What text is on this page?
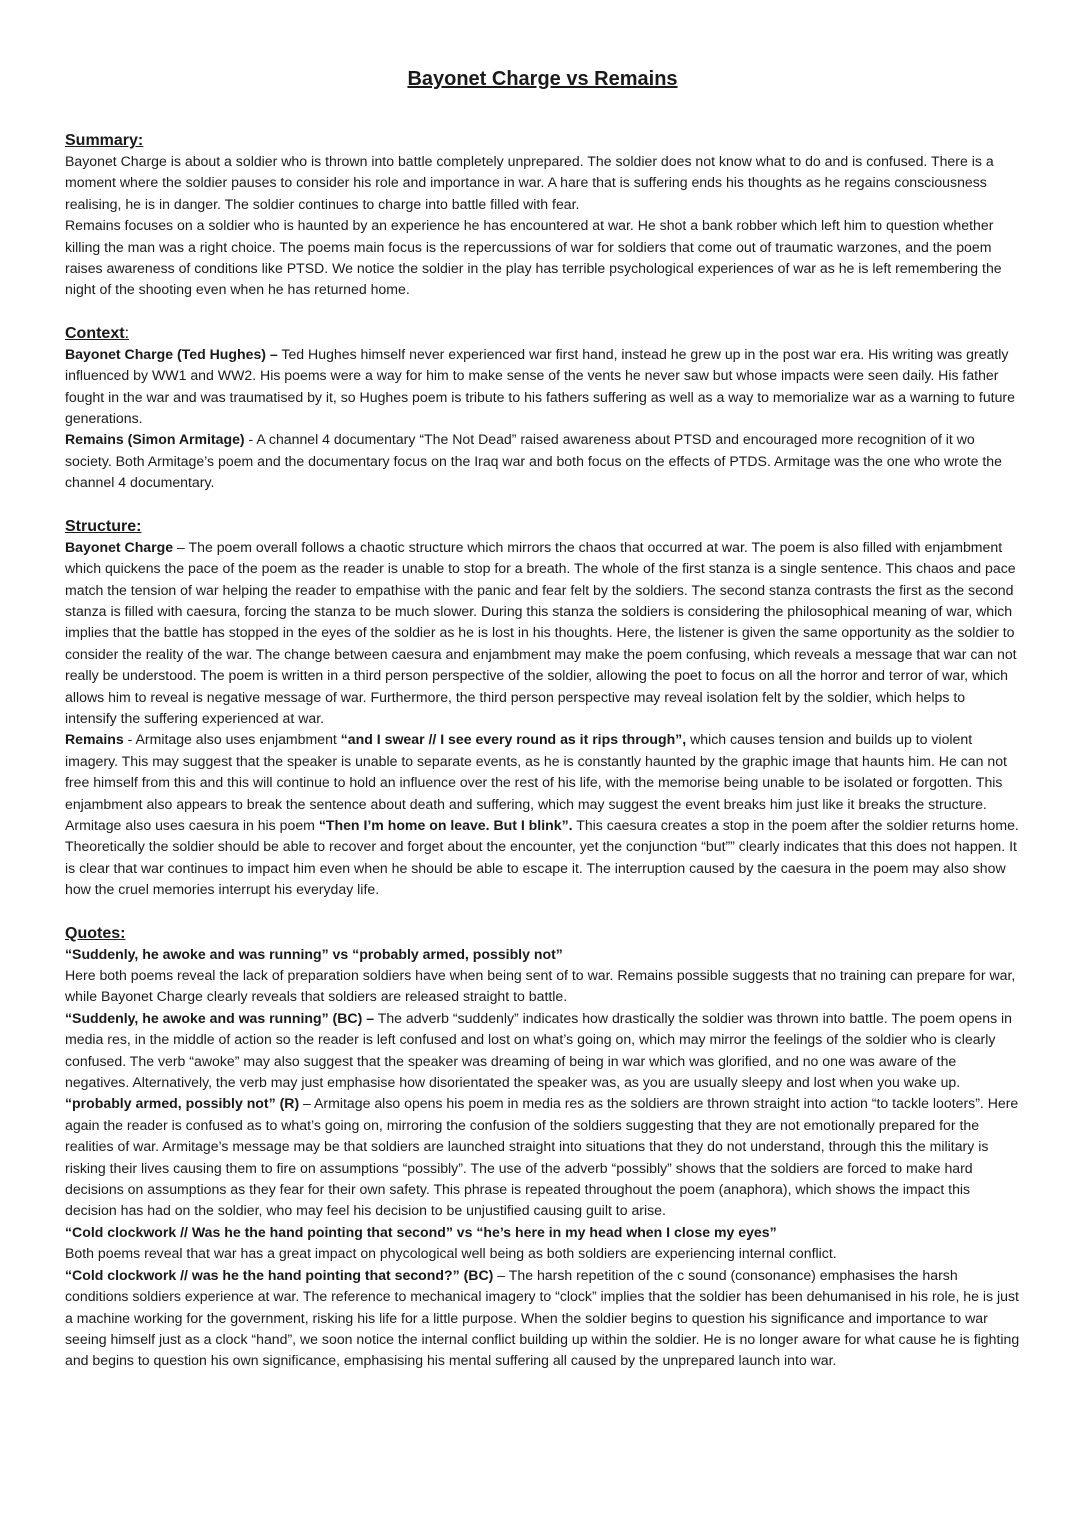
Bayonet Charge vs Remains
Summary:

Bayonet Charge is about a soldier who is thrown into battle completely unprepared. The soldier does not know what to do and is confused. There is a moment where the soldier pauses to consider his role and importance in war. A hare that is suffering ends his thoughts as he regains consciousness realising, he is in danger. The soldier continues to charge into battle filled with fear.

Remains focuses on a soldier who is haunted by an experience he has encountered at war. He shot a bank robber which left him to question whether killing the man was a right choice. The poems main focus is the repercussions of war for soldiers that come out of traumatic warzones, and the poem raises awareness of conditions like PTSD. We notice the soldier in the play has terrible psychological experiences of war as he is left remembering the night of the shooting even when he has returned home.

Context:

Bayonet Charge (Ted Hughes) – Ted Hughes himself never experienced war first hand, instead he grew up in the post war era. His writing was greatly influenced by WW1 and WW2. His poems were a way for him to make sense of the vents he never saw but whose impacts were seen daily. His father fought in the war and was traumatised by it, so Hughes poem is tribute to his fathers suffering as well as a way to memorialize war as a warning to future generations.

Remains (Simon Armitage) - A channel 4 documentary “The Not Dead” raised awareness about PTSD and encouraged more recognition of it wo society. Both Armitage’s poem and the documentary focus on the Iraq war and both focus on the effects of PTDS. Armitage was the one who wrote the channel 4 documentary.

Structure:

Bayonet Charge – The poem overall follows a chaotic structure which mirrors the chaos that occurred at war. The poem is also filled with enjambment which quickens the pace of the poem as the reader is unable to stop for a breath. The whole of the first stanza is a single sentence. This chaos and pace match the tension of war helping the reader to empathise with the panic and fear felt by the soldiers. The second stanza contrasts the first as the second stanza is filled with caesura, forcing the stanza to be much slower. During this stanza the soldiers is considering the philosophical meaning of war, which implies that the battle has stopped in the eyes of the soldier as he is lost in his thoughts. Here, the listener is given the same opportunity as the soldier to consider the reality of the war. The change between caesura and enjambment may make the poem confusing, which reveals a message that war can not really be understood. The poem is written in a third person perspective of the soldier, allowing the poet to focus on all the horror and terror of war, which allows him to reveal is negative message of war. Furthermore, the third person perspective may reveal isolation felt by the soldier, which helps to intensify the suffering experienced at war.

Remains - Armitage also uses enjambment “and I swear // I see every round as it rips through”, which causes tension and builds up to violent imagery. This may suggest that the speaker is unable to separate events, as he is constantly haunted by the graphic image that haunts him. He can not free himself from this and this will continue to hold an influence over the rest of his life, with the memorise being unable to be isolated or forgotten. This enjambment also appears to break the sentence about death and suffering, which may suggest the event breaks him just like it breaks the structure. Armitage also uses caesura in his poem “Then I’m home on leave. But I blink”. This caesura creates a stop in the poem after the soldier returns home. Theoretically the soldier should be able to recover and forget about the encounter, yet the conjunction “but”” clearly indicates that this does not happen. It is clear that war continues to impact him even when he should be able to escape it. The interruption caused by the caesura in the poem may also show how the cruel memories interrupt his everyday life.

Quotes:

“Suddenly, he awoke and was running” vs “probably armed, possibly not”

Here both poems reveal the lack of preparation soldiers have when being sent of to war. Remains possible suggests that no training can prepare for war, while Bayonet Charge clearly reveals that soldiers are released straight to battle.

“Suddenly, he awoke and was running” (BC) – The adverb “suddenly” indicates how drastically the soldier was thrown into battle. The poem opens in media res, in the middle of action so the reader is left confused and lost on what’s going on, which may mirror the feelings of the soldier who is clearly confused. The verb “awoke” may also suggest that the speaker was dreaming of being in war which was glorified, and no one was aware of the negatives. Alternatively, the verb may just emphasise how disorientated the speaker was, as you are usually sleepy and lost when you wake up.

“probably armed, possibly not” (R) – Armitage also opens his poem in media res as the soldiers are thrown straight into action “to tackle looters”. Here again the reader is confused as to what’s going on, mirroring the confusion of the soldiers suggesting that they are not emotionally prepared for the realities of war. Armitage’s message may be that soldiers are launched straight into situations that they do not understand, through this the military is risking their lives causing them to fire on assumptions “possibly”. The use of the adverb “possibly” shows that the soldiers are forced to make hard decisions on assumptions as they fear for their own safety. This phrase is repeated throughout the poem (anaphora), which shows the impact this decision has had on the soldier, who may feel his decision to be unjustified causing guilt to arise.

“Cold clockwork // Was he the hand pointing that second” vs “he’s here in my head when I close my eyes”

Both poems reveal that war has a great impact on phycological well being as both soldiers are experiencing internal conflict.

“Cold clockwork // was he the hand pointing that second?” (BC) – The harsh repetition of the c sound (consonance) emphasises the harsh conditions soldiers experience at war. The reference to mechanical imagery to “clock” implies that the soldier has been dehumanised in his role, he is just a machine working for the government, risking his life for a little purpose. When the soldier begins to question his significance and importance to war seeing himself just as a clock “hand”, we soon notice the internal conflict building up within the soldier. He is no longer aware for what cause he is fighting and begins to question his own significance, emphasising his mental suffering all caused by the unprepared launch into war.
